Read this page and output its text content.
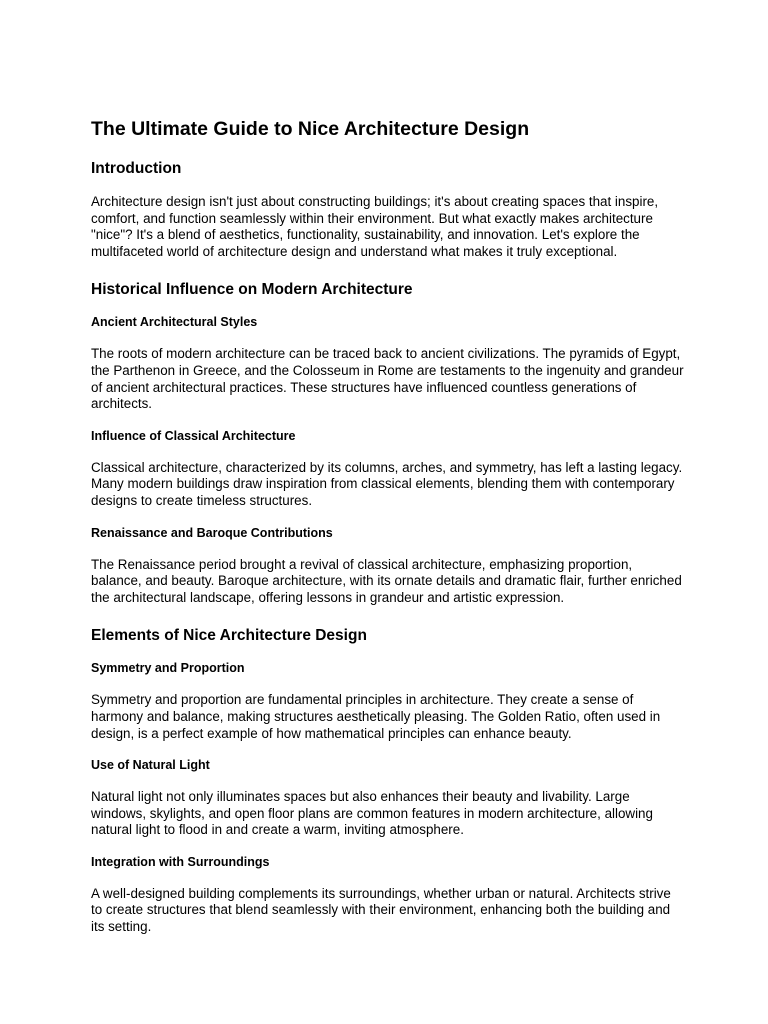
The Ultimate Guide to Nice Architecture Design
Introduction

Architecture design isn't just about constructing buildings; it's about creating spaces that inspire, comfort, and function seamlessly within their environment. But what exactly makes architecture "nice"? It's a blend of aesthetics, functionality, sustainability, and innovation. Let's explore the multifaceted world of architecture design and understand what makes it truly exceptional.

Historical Influence on Modern Architecture
Ancient Architectural Styles

The roots of modern architecture can be traced back to ancient civilizations. The pyramids of Egypt, the Parthenon in Greece, and the Colosseum in Rome are testaments to the ingenuity and grandeur of ancient architectural practices. These structures have influenced countless generations of architects.

Influence of Classical Architecture

Classical architecture, characterized by its columns, arches, and symmetry, has left a lasting legacy. Many modern buildings draw inspiration from classical elements, blending them with contemporary designs to create timeless structures.

Renaissance and Baroque Contributions

The Renaissance period brought a revival of classical architecture, emphasizing proportion, balance, and beauty. Baroque architecture, with its ornate details and dramatic flair, further enriched the architectural landscape, offering lessons in grandeur and artistic expression.

Elements of Nice Architecture Design
Symmetry and Proportion

Symmetry and proportion are fundamental principles in architecture. They create a sense of harmony and balance, making structures aesthetically pleasing. The Golden Ratio, often used in design, is a perfect example of how mathematical principles can enhance beauty.

Use of Natural Light

Natural light not only illuminates spaces but also enhances their beauty and livability. Large windows, skylights, and open floor plans are common features in modern architecture, allowing natural light to flood in and create a warm, inviting atmosphere.

Integration with Surroundings

A well-designed building complements its surroundings, whether urban or natural. Architects strive to create structures that blend seamlessly with their environment, enhancing both the building and its setting.
